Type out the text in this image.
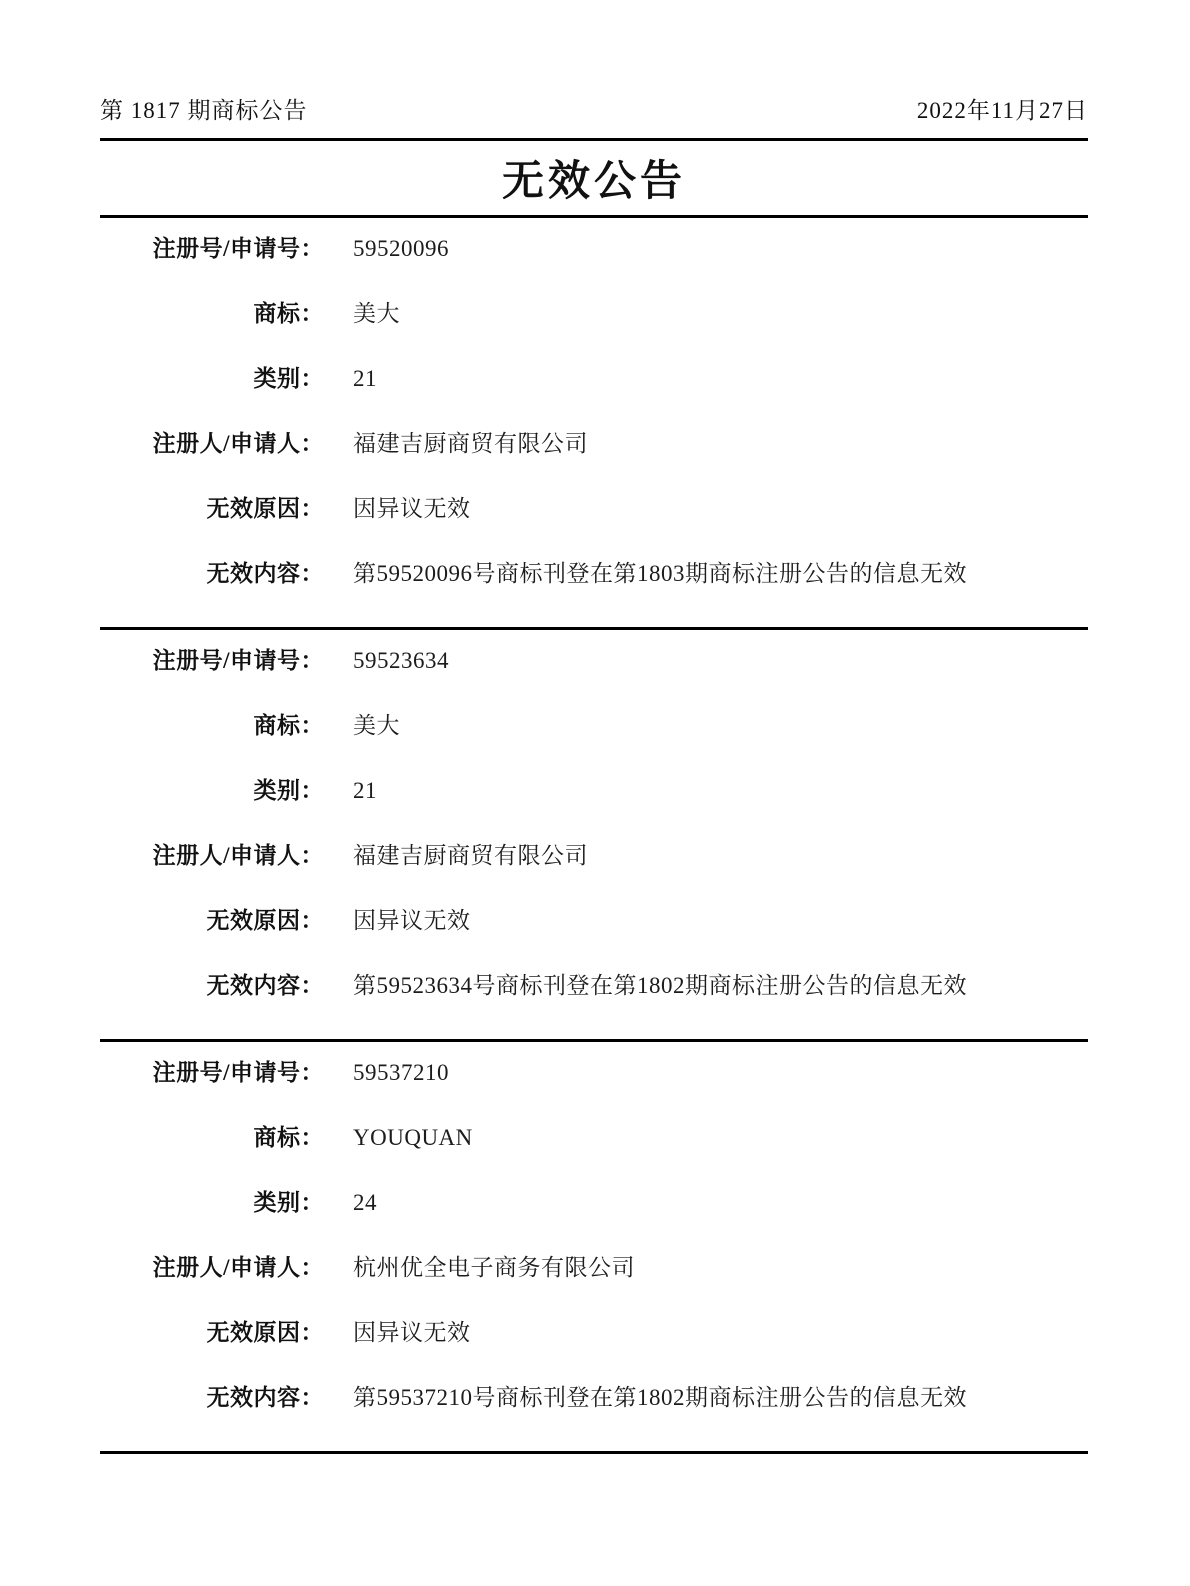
第 1817 期商标公告	2022年11月27日
无效公告
注册号/申请号： 59520096
商标： 美大
类别： 21
注册人/申请人： 福建吉厨商贸有限公司
无效原因： 因异议无效
无效内容： 第59520096号商标刊登在第1803期商标注册公告的信息无效
注册号/申请号： 59523634
商标： 美大
类别： 21
注册人/申请人： 福建吉厨商贸有限公司
无效原因： 因异议无效
无效内容： 第59523634号商标刊登在第1802期商标注册公告的信息无效
注册号/申请号： 59537210
商标： YOUQUAN
类别： 24
注册人/申请人： 杭州优全电子商务有限公司
无效原因： 因异议无效
无效内容： 第59537210号商标刊登在第1802期商标注册公告的信息无效
